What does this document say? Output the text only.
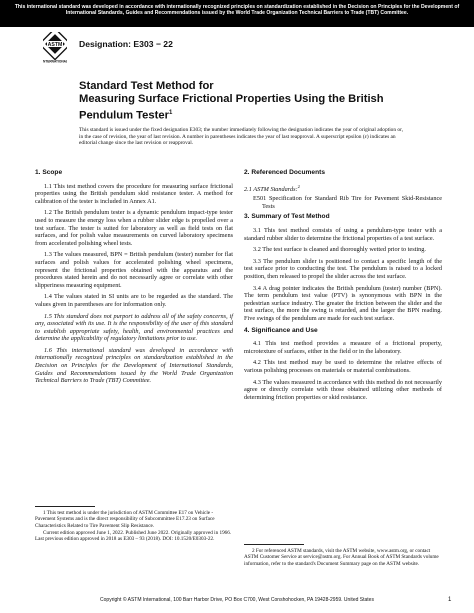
This international standard was developed in accordance with internationally recognized principles on standardization established in the Decision on Principles for the Development of International Standards, Guides and Recommendations issued by the World Trade Organization Technical Barriers to Trade (TBT) Committee.

ASTM
INTERNATIONAL
Designation: E303 − 22
Standard Test Method for
Measuring Surface Frictional Properties Using the British Pendulum Tester$^1$

This standard is issued under the fixed designation E303; the number immediately following the designation indicates the year of original adoption or, in the case of revision, the year of last revision. A number in parentheses indicates the year of last reapproval. A superscript epsilon (ε) indicates an editorial change since the last revision or reapproval.

1. Scope

1.1 This test method covers the procedure for measuring surface frictional properties using the British pendulum skid resistance tester. A method for calibration of the tester is included in Annex A1.

1.2 The British pendulum tester is a dynamic pendulum impact-type tester used to measure the energy loss when a rubber slider edge is propelled over a test surface. The tester is suited for laboratory as well as field tests on flat surfaces, and for polish value measurements on curved laboratory specimens from accelerated polishing wheel tests.

1.3 The values measured, BPN = British pendulum (tester) number for flat surfaces and polish values for accelerated polishing wheel specimens, represent the frictional properties obtained with the apparatus and the procedures stated herein and do not necessarily agree or correlate with other slipperiness measuring equipment.

1.4 The values stated in SI units are to be regarded as the standard. The values given in parentheses are for information only.

1.5 This standard does not purport to address all of the safety concerns, if any, associated with its use. It is the responsibility of the user of this standard to establish appropriate safety, health, and environmental practices and determine the applicability of regulatory limitations prior to use.

1.6 This international standard was developed in accordance with internationally recognized principles on standardization established in the Decision on Principles for the Development of International Standards, Guides and Recommendations issued by the World Trade Organization Technical Barriers to Trade (TBT) Committee.

1 This test method is under the jurisdiction of ASTM Committee E17 on Vehicle - Pavement Systems and is the direct responsibility of Subcommittee E17.23 on Surface Characteristics Related to Tire Pavement Slip Resistance.

Current edition approved June 1, 2022. Published June 2022. Originally approved in 1966. Last previous edition approved in 2018 as E303 – 93 (2018). DOI: 10.1520/E0303-22.

2. Referenced Documents

2.1 ASTM Standards:$^2$

E501 Specification for Standard Rib Tire for Pavement Skid-Resistance Tests

3. Summary of Test Method

3.1 This test method consists of using a pendulum-type tester with a standard rubber slider to determine the frictional properties of a test surface.

3.2 The test surface is cleaned and thoroughly wetted prior to testing.

3.3 The pendulum slider is positioned to contact a specific length of the test surface prior to conducting the test. The pendulum is raised to a locked position, then released to propel the slider across the test surface.

3.4 A drag pointer indicates the British pendulum (tester) number (BPN). The term pendulum test value (PTV) is synonymous with BPN in the pedestrian surface industry. The greater the friction between the slider and the test surface, the more the swing is retarded, and the larger the BPN reading. Five swings of the pendulum are made for each test surface.

4. Significance and Use

4.1 This test method provides a measure of a frictional property, microtexture of surfaces, either in the field or in the laboratory.

4.2 This test method may be used to determine the relative effects of various polishing processes on materials or material combinations.

4.3 The values measured in accordance with this method do not necessarily agree or directly correlate with those obtained utilizing other methods of determining friction properties or skid resistance.

2 For referenced ASTM standards, visit the ASTM website, www.astm.org, or contact ASTM Customer Service at service@astm.org. For Annual Book of ASTM Standards volume information, refer to the standard's Document Summary page on the ASTM website.

Copyright © ASTM International, 100 Barr Harbor Drive, PO Box C700, West Conshohocken, PA 19428-2959. United States	1
